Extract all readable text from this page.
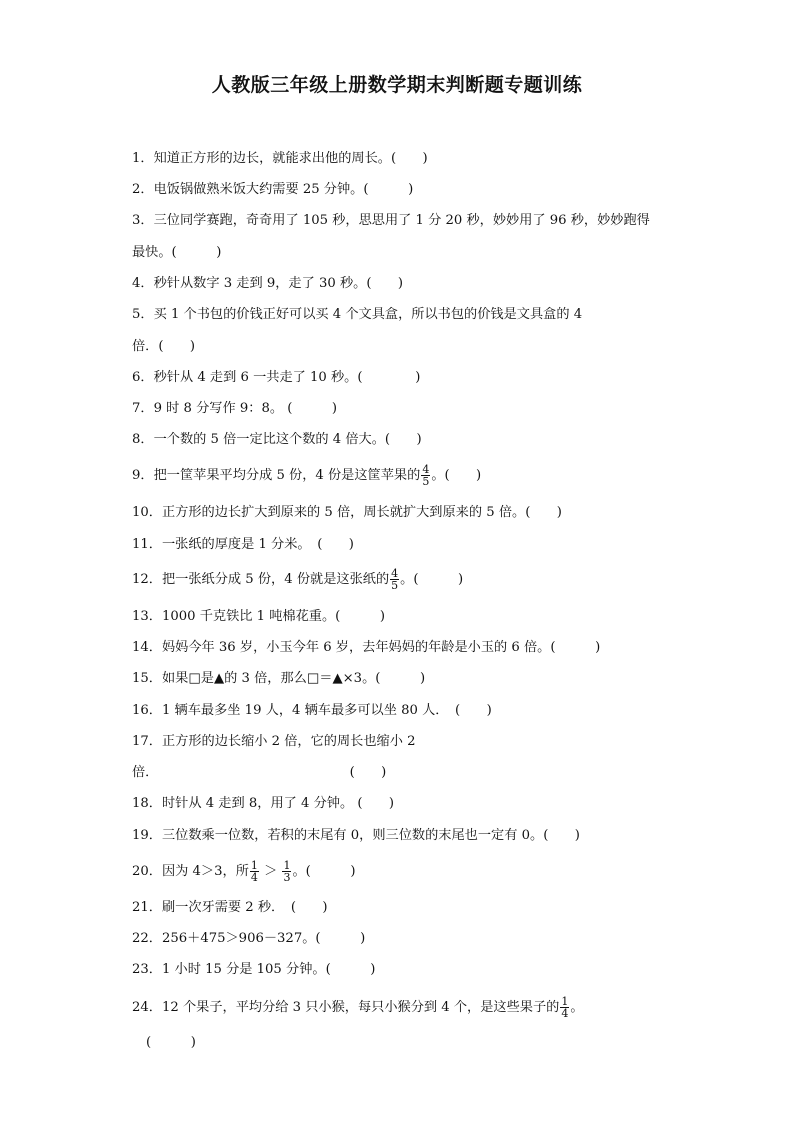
人教版三年级上册数学期末判断题专题训练
1．知道正方形的边长，就能求出他的周长。(　　)
2．电饭锅做熟米饭大约需要 25 分钟。(　　　)
3．三位同学赛跑，奇奇用了 105 秒，思思用了 1 分 20 秒，妙妙用了 96 秒，妙妙跑得
最快。(　　　)
4．秒针从数字 3 走到 9，走了 30 秒。(　　)
5．买 1 个书包的价钱正好可以买 4 个文具盒，所以书包的价钱是文具盒的 4
倍．(　　)
6．秒针从 4 走到 6 一共走了 10 秒。(　　　　)
7．9 时 8 分写作 9：8。 (　　　)
8．一个数的 5 倍一定比这个数的 4 倍大。(　　)
9．把一筐苹果平均分成 5 份，4 份是这筐苹果的 $\frac{4}{5}$ 。(　　)
10．正方形的边长扩大到原来的 5 倍，周长就扩大到原来的 5 倍。(　　)
11．一张纸的厚度是 1 分米。　(　　)
12．把一张纸分成 5 份，4 份就是这张纸的 $\frac{4}{5}$ 。(　　　)
13．1000 千克铁比 1 吨棉花重。(　　　)
14．妈妈今年 36 岁，小玉今年 6 岁，去年妈妈的年龄是小玉的 6 倍。(　　　)
15．如果□是▲的 3 倍，那么□＝▲×3。(　　　)
16．1 辆车最多坐 19 人，4 辆车最多可以坐 80 人．　(　　)
17．正方形的边长缩小 2 倍，它的周长也缩小 2
倍．　　　　　　　　　　　　　　　(　　)
18．时针从 4 走到 8，用了 4 分钟。 (　　)
19．三位数乘一位数，若积的末尾有 0，则三位数的末尾也一定有 0。(　　)
20．因为 4＞3，所 $\frac{1}{4} > \frac{1}{3}$ 。(　　　)
21．刷一次牙需要 2 秒．　(　　)
22．256＋475＞906－327。(　　　)
23．1 小时 15 分是 105 分钟。(　　　)
24．12 个果子，平均分给 3 只小猴，每只小猴分到 4 个，是这些果子的 $\frac{1}{4}$ 。
(　　　)
